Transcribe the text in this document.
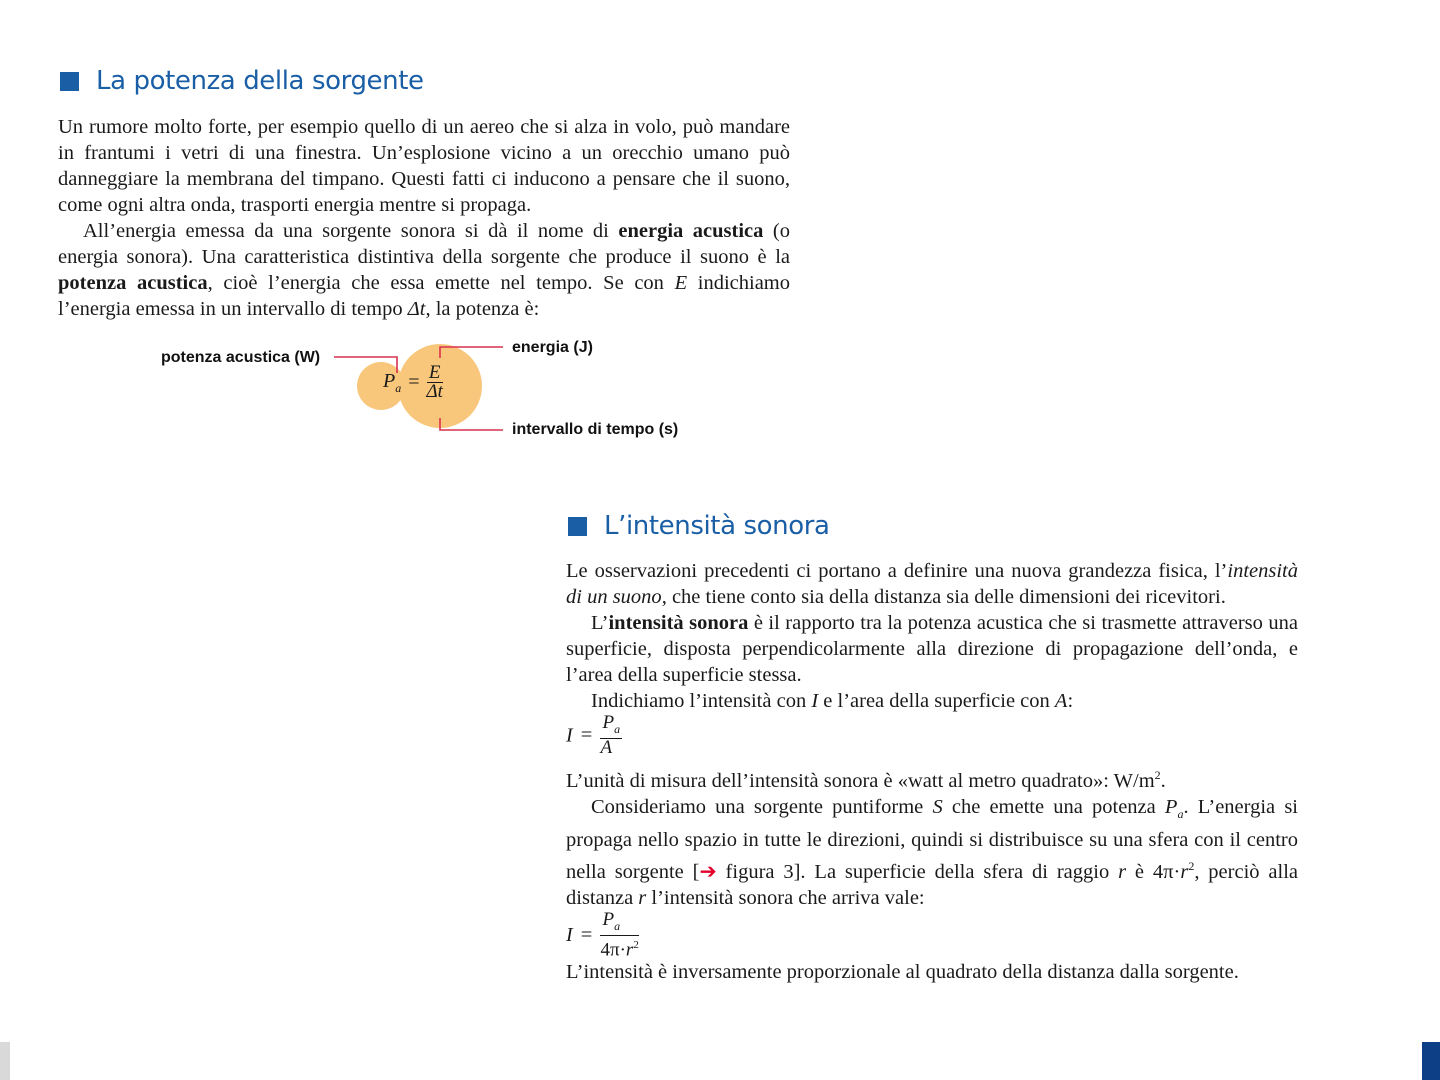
La potenza della sorgente

Un rumore molto forte, per esempio quello di un aereo che si alza in volo, può mandare in frantumi i vetri di una finestra. Un’esplosione vicino a un orecchio umano può danneggiare la membrana del timpano. Questi fatti ci inducono a pensare che il suono, come ogni altra onda, trasporti energia mentre si propaga.

All’energia emessa da una sorgente sonora si dà il nome di energia acustica (o energia sonora). Una caratteristica distintiva della sorgente che produce il suono è la potenza acustica, cioè l’energia che essa emette nel tempo. Se con E indichiamo l’energia emessa in un intervallo di tempo Δt, la potenza è:

potenza acustica (W)
energia (J)
intervallo di tempo (s)
$P_a = \frac{E}{\Delta t}$
L’intensità sonora

Le osservazioni precedenti ci portano a definire una nuova grandezza fisica, l’intensità di un suono, che tiene conto sia della distanza sia delle dimensioni dei ricevitori.

L’intensità sonora è il rapporto tra la potenza acustica che si trasmette attraverso una superficie, disposta perpendicolarmente alla direzione di propagazione dell’onda, e l’area della superficie stessa.

Indichiamo l’intensità con I e l’area della superficie con A:

$I = \frac{P_a}{A}$

L’unità di misura dell’intensità sonora è «watt al metro quadrato»: $W/m^2$.

Consideriamo una sorgente puntiforme S che emette una potenza $P_a$. L’energia si propaga nello spazio in tutte le direzioni, quindi si distribuisce su una sfera con il centro nella sorgente [➔ figura 3]. La superficie della sfera di raggio r è $4\pi\cdot r^2$, perciò alla distanza r l’intensità sonora che arriva vale:

$I = \frac{P_a}{4\pi\cdot r^2}$

L’intensità è inversamente proporzionale al quadrato della distanza dalla sorgente.
